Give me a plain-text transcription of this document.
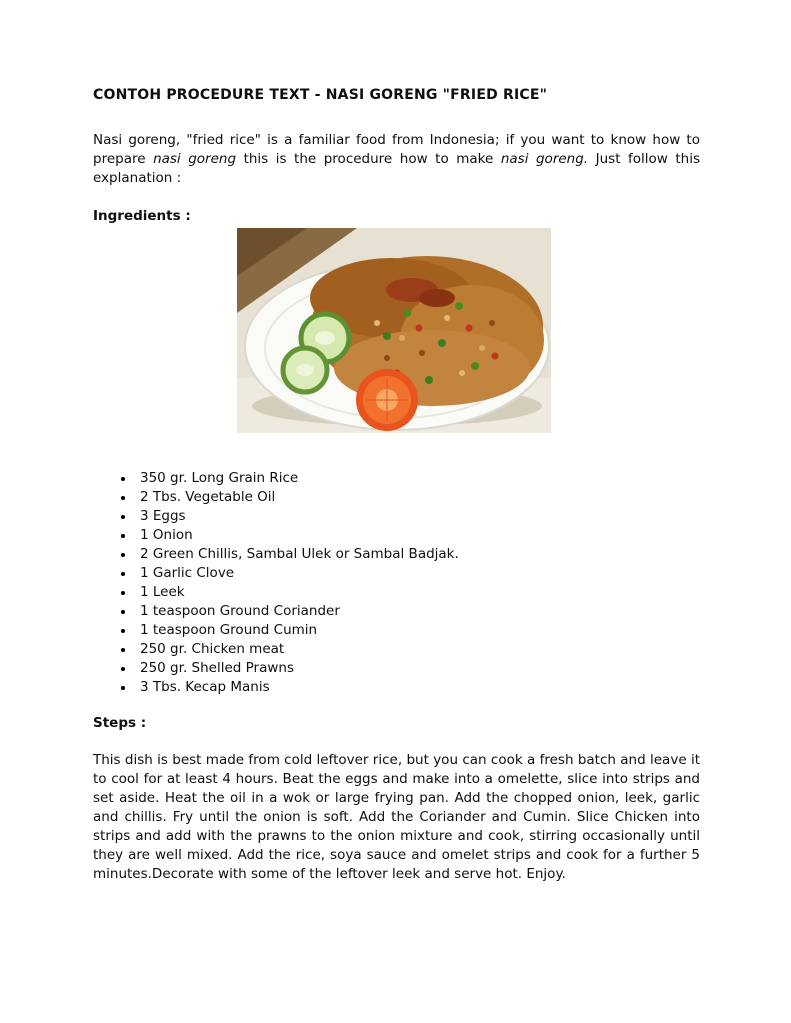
CONTOH PROCEDURE TEXT - NASI GORENG "FRIED RICE"

Nasi goreng, "fried rice" is a familiar food from Indonesia; if you want to know how to prepare nasi goreng this is the procedure how to make nasi goreng. Just follow this explanation :

Ingredients :
350 gr. Long Grain Rice
2 Tbs. Vegetable Oil
3 Eggs
1 Onion
2 Green Chillis, Sambal Ulek or Sambal Badjak.
1 Garlic Clove
1 Leek
1 teaspoon Ground Coriander
1 teaspoon Ground Cumin
250 gr. Chicken meat
250 gr. Shelled Prawns
3 Tbs. Kecap Manis
Steps :

This dish is best made from cold leftover rice, but you can cook a fresh batch and leave it to cool for at least 4 hours. Beat the eggs and make into a omelette, slice into strips and set aside. Heat the oil in a wok or large frying pan. Add the chopped onion, leek, garlic and chillis. Fry until the onion is soft. Add the Coriander and Cumin. Slice Chicken into strips and add with the prawns to the onion mixture and cook, stirring occasionally until they are well mixed. Add the rice, soya sauce and omelet strips and cook for a further 5 minutes.Decorate with some of the leftover leek and serve hot. Enjoy.
